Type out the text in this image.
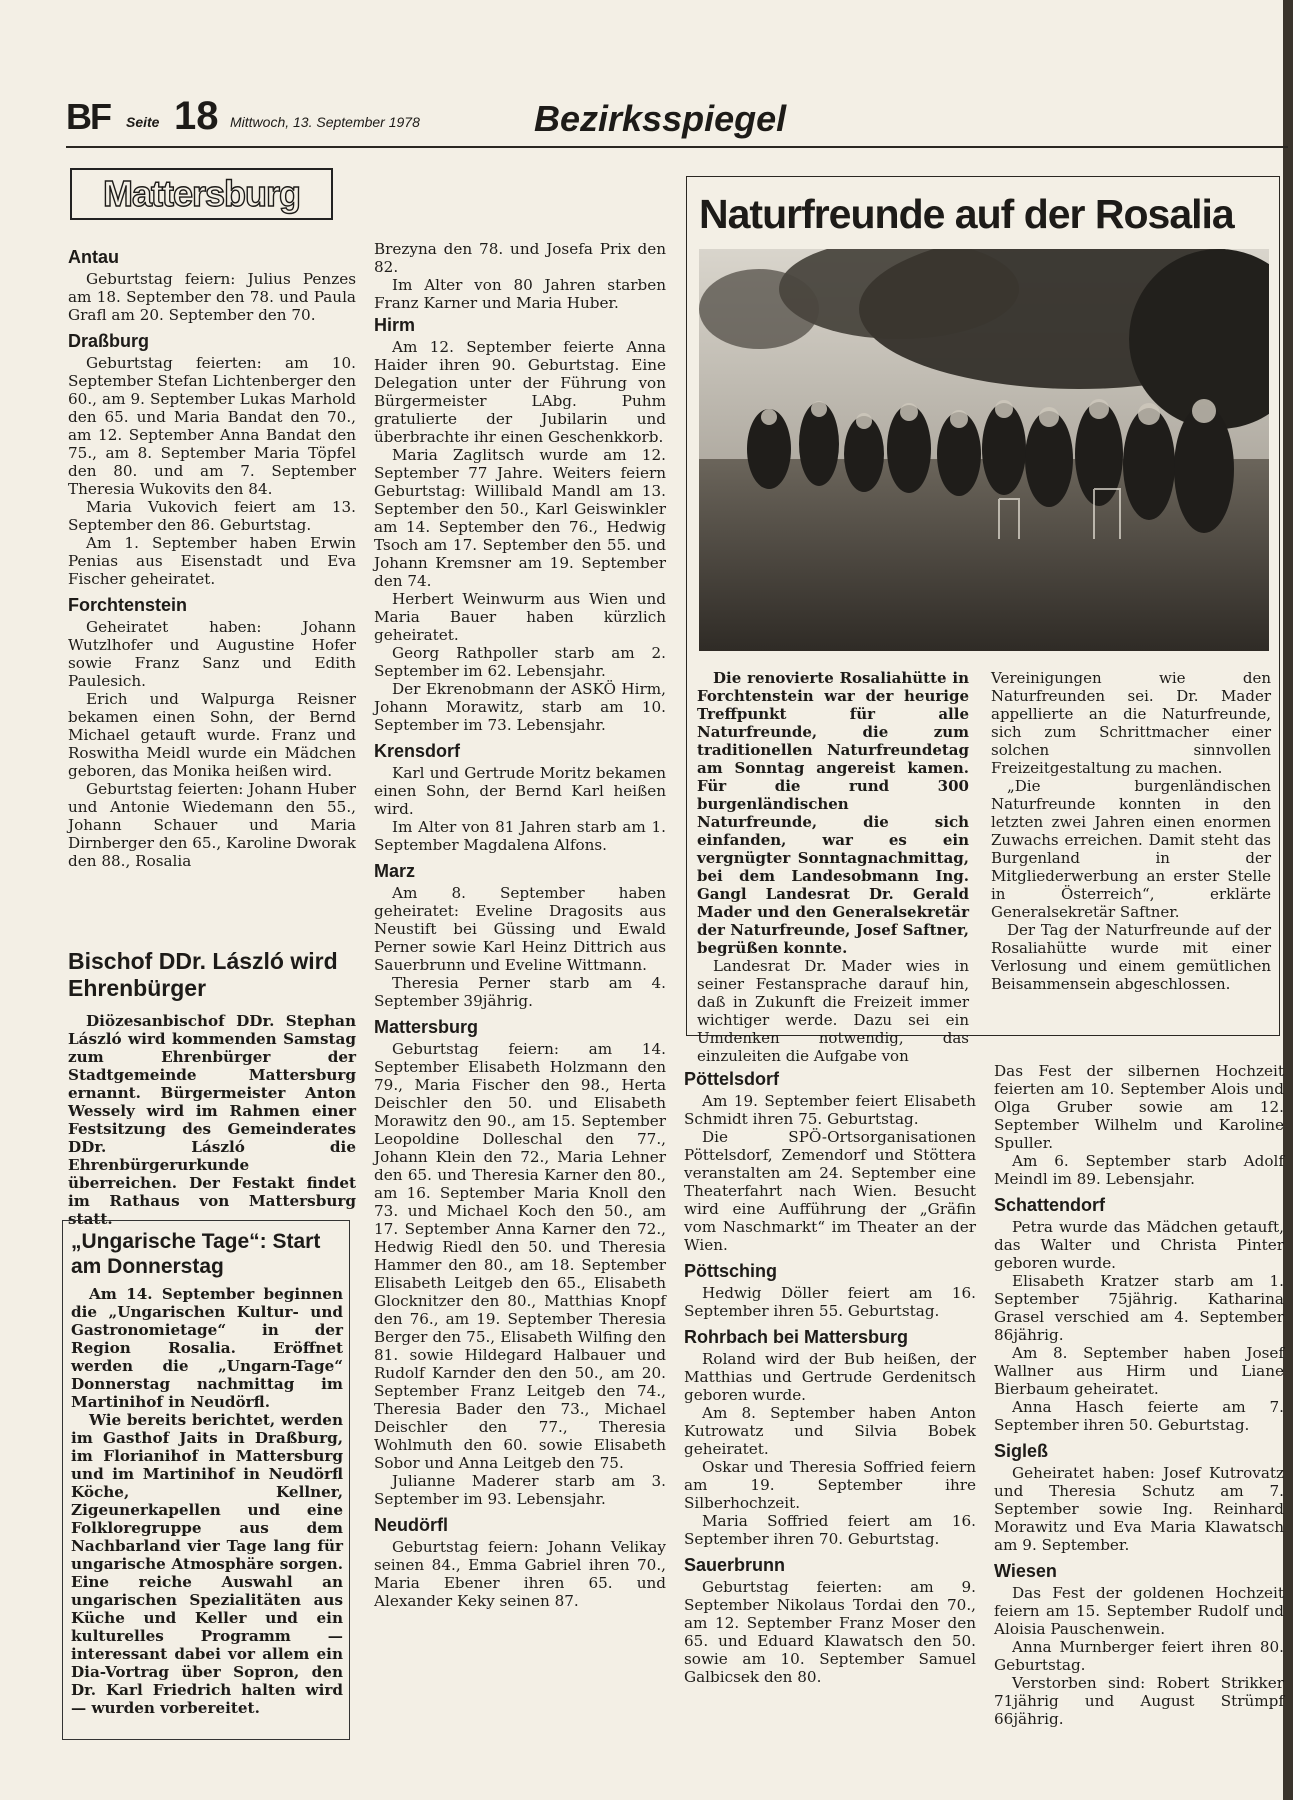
BF Seite 18 Mittwoch, 13. September 1978	Bezirksspiegel
Mattersburg
Antau

Geburtstag feiern: Julius Penzes am 18. September den 78. und Paula Grafl am 20. September den 70.

Draßburg

Geburtstag feierten: am 10. September Stefan Lichtenberger den 60., am 9. September Lukas Marhold den 65. und Maria Bandat den 70., am 12. September Anna Bandat den 75., am 8. September Maria Töpfel den 80. und am 7. September Theresia Wukovits den 84.

Maria Vukovich feiert am 13. September den 86. Geburtstag.

Am 1. September haben Erwin Penias aus Eisenstadt und Eva Fischer geheiratet.

Forchtenstein

Geheiratet haben: Johann Wutzlhofer und Augustine Hofer sowie Franz Sanz und Edith Paulesich.

Erich und Walpurga Reisner bekamen einen Sohn, der Bernd Michael getauft wurde. Franz und Roswitha Meidl wurde ein Mädchen geboren, das Monika heißen wird.

Geburtstag feierten: Johann Huber und Antonie Wiedemann den 55., Johann Schauer und Maria Dirnberger den 65., Karoline Dworak den 88., Rosalia

Bischof DDr. László wird Ehrenbürger

Diözesanbischof DDr. Stephan László wird kommenden Samstag zum Ehrenbürger der Stadtgemeinde Mattersburg ernannt. Bürgermeister Anton Wessely wird im Rahmen einer Festsitzung des Gemeinderates DDr. László die Ehrenbürgerurkunde überreichen. Der Festakt findet im Rathaus von Mattersburg statt.

„Ungarische Tage“: Start am Donnerstag

Am 14. September beginnen die „Ungarischen Kultur- und Gastronomietage“ in der Region Rosalia. Eröffnet werden die „Ungarn-Tage“ Donnerstag nachmittag im Martinihof in Neudörfl.

Wie bereits berichtet, werden im Gasthof Jaits in Draßburg, im Florianihof in Mattersburg und im Martinihof in Neudörfl Köche, Kellner, Zigeunerkapellen und eine Folkloregruppe aus dem Nachbarland vier Tage lang für ungarische Atmosphäre sorgen. Eine reiche Auswahl an ungarischen Spezialitäten aus Küche und Keller und ein kulturelles Programm — interessant dabei vor allem ein Dia-Vortrag über Sopron, den Dr. Karl Friedrich halten wird — wurden vorbereitet.

Brezyna den 78. und Josefa Prix den 82.

Im Alter von 80 Jahren starben Franz Karner und Maria Huber.

Hirm

Am 12. September feierte Anna Haider ihren 90. Geburtstag. Eine Delegation unter der Führung von Bürgermeister LAbg. Puhm gratulierte der Jubilarin und überbrachte ihr einen Geschenkkorb.

Maria Zaglitsch wurde am 12. September 77 Jahre. Weiters feiern Geburtstag: Willibald Mandl am 13. September den 50., Karl Geiswinkler am 14. September den 76., Hedwig Tsoch am 17. September den 55. und Johann Kremsner am 19. September den 74.

Herbert Weinwurm aus Wien und Maria Bauer haben kürzlich geheiratet.

Georg Rathpoller starb am 2. September im 62. Lebensjahr.

Der Ekrenobmann der ASKÖ Hirm, Johann Morawitz, starb am 10. September im 73. Lebensjahr.

Krensdorf

Karl und Gertrude Moritz bekamen einen Sohn, der Bernd Karl heißen wird.

Im Alter von 81 Jahren starb am 1. September Magdalena Alfons.

Marz

Am 8. September haben geheiratet: Eveline Dragosits aus Neustift bei Güssing und Ewald Perner sowie Karl Heinz Dittrich aus Sauerbrunn und Eveline Wittmann.

Theresia Perner starb am 4. September 39jährig.

Mattersburg

Geburtstag feiern: am 14. September Elisabeth Holzmann den 79., Maria Fischer den 98., Herta Deischler den 50. und Elisabeth Morawitz den 90., am 15. September Leopoldine Dolleschal den 77., Johann Klein den 72., Maria Lehner den 65. und Theresia Karner den 80., am 16. September Maria Knoll den 73. und Michael Koch den 50., am 17. September Anna Karner den 72., Hedwig Riedl den 50. und Theresia Hammer den 80., am 18. September Elisabeth Leitgeb den 65., Elisabeth Glocknitzer den 80., Matthias Knopf den 76., am 19. September Theresia Berger den 75., Elisabeth Wilfing den 81. sowie Hildegard Halbauer und Rudolf Karnder den den 50., am 20. September Franz Leitgeb den 74., Theresia Bader den 73., Michael Deischler den 77., Theresia Wohlmuth den 60. sowie Elisabeth Sobor und Anna Leitgeb den 75.

Julianne Maderer starb am 3. September im 93. Lebensjahr.

Neudörfl

Geburtstag feiern: Johann Velikay seinen 84., Emma Gabriel ihren 70., Maria Ebener ihren 65. und Alexander Keky seinen 87.

Naturfreunde auf der Rosalia

Die renovierte Rosaliahütte in Forchtenstein war der heurige Treffpunkt für alle Naturfreunde, die zum traditionellen Naturfreundetag am Sonntag angereist kamen. Für die rund 300 burgenländischen Naturfreunde, die sich einfanden, war es ein vergnügter Sonntagnachmittag, bei dem Landesobmann Ing. Gangl Landesrat Dr. Gerald Mader und den Generalsekretär der Naturfreunde, Josef Saftner, begrüßen konnte.

Landesrat Dr. Mader wies in seiner Festansprache darauf hin, daß in Zukunft die Freizeit immer wichtiger werde. Dazu sei ein Umdenken notwendig, das einzuleiten die Aufgabe von

Vereinigungen wie den Naturfreunden sei. Dr. Mader appellierte an die Naturfreunde, sich zum Schrittmacher einer solchen sinnvollen Freizeitgestaltung zu machen.

„Die burgenländischen Naturfreunde konnten in den letzten zwei Jahren einen enormen Zuwachs erreichen. Damit steht das Burgenland in der Mitgliederwerbung an erster Stelle in Österreich“, erklärte Generalsekretär Saftner.

Der Tag der Naturfreunde auf der Rosaliahütte wurde mit einer Verlosung und einem gemütlichen Beisammensein abgeschlossen.

Pöttelsdorf

Am 19. September feiert Elisabeth Schmidt ihren 75. Geburtstag.

Die SPÖ-Ortsorganisationen Pöttelsdorf, Zemendorf und Stöttera veranstalten am 24. September eine Theaterfahrt nach Wien. Besucht wird eine Aufführung der „Gräfin vom Naschmarkt“ im Theater an der Wien.

Pöttsching

Hedwig Döller feiert am 16. September ihren 55. Geburtstag.

Rohrbach bei Mattersburg

Roland wird der Bub heißen, der Matthias und Gertrude Gerdenitsch geboren wurde.

Am 8. September haben Anton Kutrowatz und Silvia Bobek geheiratet.

Oskar und Theresia Soffried feiern am 19. September ihre Silberhochzeit.

Maria Soffried feiert am 16. September ihren 70. Geburtstag.

Sauerbrunn

Geburtstag feierten: am 9. September Nikolaus Tordai den 70., am 12. September Franz Moser den 65. und Eduard Klawatsch den 50. sowie am 10. September Samuel Galbicsek den 80.

Das Fest der silbernen Hochzeit feierten am 10. September Alois und Olga Gruber sowie am 12. September Wilhelm und Karoline Spuller.

Am 6. September starb Adolf Meindl im 89. Lebensjahr.

Schattendorf

Petra wurde das Mädchen getauft, das Walter und Christa Pinter geboren wurde.

Elisabeth Kratzer starb am 1. September 75jährig. Katharina Grasel verschied am 4. September 86jährig.

Am 8. September haben Josef Wallner aus Hirm und Liane Bierbaum geheiratet.

Anna Hasch feierte am 7. September ihren 50. Geburtstag.

Sigleß

Geheiratet haben: Josef Kutrovatz und Theresia Schutz am 7. September sowie Ing. Reinhard Morawitz und Eva Maria Klawatsch am 9. September.

Wiesen

Das Fest der goldenen Hochzeit feiern am 15. September Rudolf und Aloisia Pauschenwein.

Anna Murnberger feiert ihren 80. Geburtstag.

Verstorben sind: Robert Strikker 71jährig und August Strümpf 66jährig.
